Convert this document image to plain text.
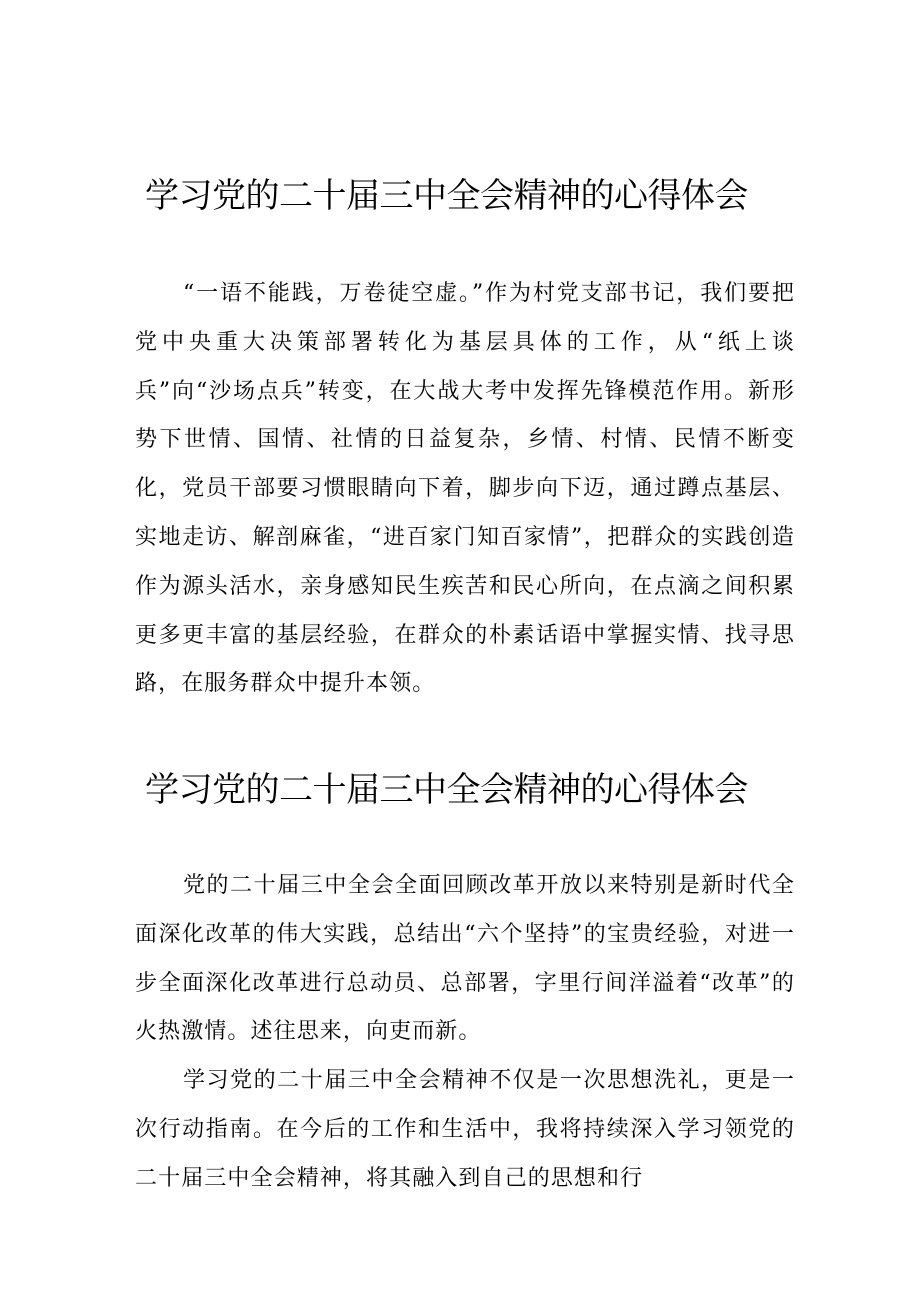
学习党的二十届三中全会精神的心得体会

“一语不能践，万卷徒空虚。”作为村党支部书记，我们要把党中央重大决策部署转化为基层具体的工作，从“纸上谈兵”向“沙场点兵”转变，在大战大考中发挥先锋模范作用。新形势下世情、国情、社情的日益复杂，乡情、村情、民情不断变化，党员干部要习惯眼睛向下着，脚步向下迈，通过蹲点基层、实地走访、解剖麻雀，“进百家门知百家情”，把群众的实践创造作为源头活水，亲身感知民生疾苦和民心所向，在点滴之间积累更多更丰富的基层经验，在群众的朴素话语中掌握实情、找寻思路，在服务群众中提升本领。

学习党的二十届三中全会精神的心得体会

党的二十届三中全会全面回顾改革开放以来特别是新时代全面深化改革的伟大实践，总结出“六个坚持”的宝贵经验，对进一步全面深化改革进行总动员、总部署，字里行间洋溢着“改革”的火热激情。述往思来，向吏而新。

学习党的二十届三中全会精神不仅是一次思想洗礼，更是一次行动指南。在今后的工作和生活中，我将持续深入学习领党的二十届三中全会精神，将其融入到自己的思想和行
